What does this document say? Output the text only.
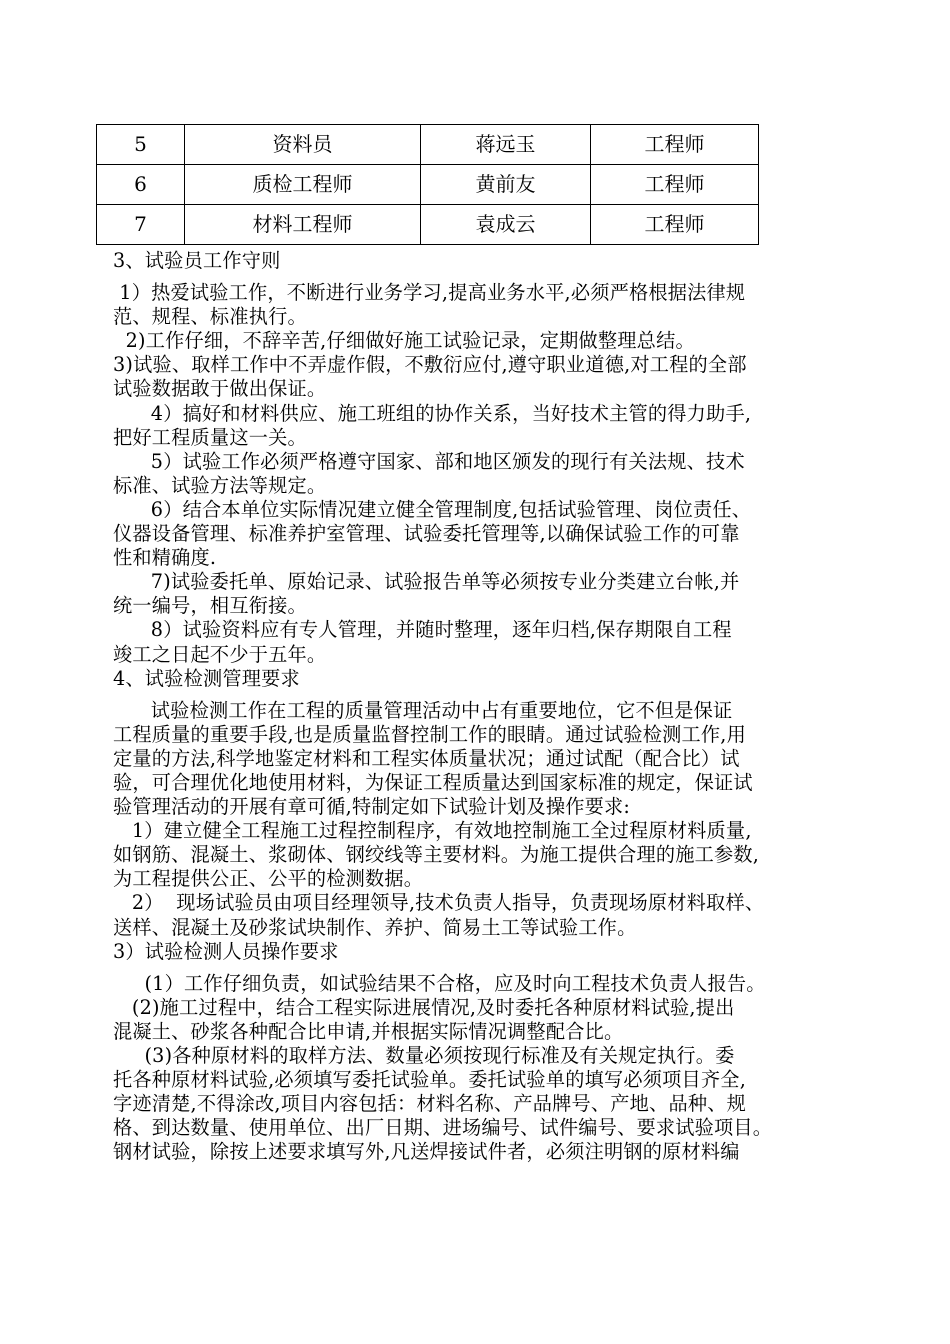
5	资料员	蒋远玉	工程师
6	质检工程师	黄前友	工程师
7	材料工程师	袁成云	工程师

3、试验员工作守则

1）热爱试验工作，不断进行业务学习,提高业务水平,必须严格根据法律规

范、规程、标准执行。

2)工作仔细，不辞辛苦,仔细做好施工试验记录，定期做整理总结。

3)试验、取样工作中不弄虚作假，不敷衍应付,遵守职业道德,对工程的全部

试验数据敢于做出保证。

4）搞好和材料供应、施工班组的协作关系，当好技术主管的得力助手,

把好工程质量这一关。

5）试验工作必须严格遵守国家、部和地区颁发的现行有关法规、技术

标准、试验方法等规定。

6）结合本单位实际情况建立健全管理制度,包括试验管理、岗位责任、

仪器设备管理、标准养护室管理、试验委托管理等,以确保试验工作的可靠

性和精确度.

7)试验委托单、原始记录、试验报告单等必须按专业分类建立台帐,并

统一编号，相互衔接。

8）试验资料应有专人管理，并随时整理，逐年归档,保存期限自工程

竣工之日起不少于五年。

4、试验检测管理要求

试验检测工作在工程的质量管理活动中占有重要地位，它不但是保证

工程质量的重要手段,也是质量监督控制工作的眼睛。通过试验检测工作,用

定量的方法,科学地鉴定材料和工程实体质量状况；通过试配（配合比）试

验，可合理优化地使用材料，为保证工程质量达到国家标准的规定，保证试

验管理活动的开展有章可循,特制定如下试验计划及操作要求:

1）建立健全工程施工过程控制程序，有效地控制施工全过程原材料质量,

如钢筋、混凝土、浆砌体、钢绞线等主要材料。为施工提供合理的施工参数,

为工程提供公正、公平的检测数据。

2）  现场试验员由项目经理领导,技术负责人指导，负责现场原材料取样、

送样、混凝土及砂浆试块制作、养护、简易土工等试验工作。

3）试验检测人员操作要求

(1）工作仔细负责，如试验结果不合格，应及时向工程技术负责人报告。

(2)施工过程中，结合工程实际进展情况,及时委托各种原材料试验,提出

混凝土、砂浆各种配合比申请,并根据实际情况调整配合比。

(3)各种原材料的取样方法、数量必须按现行标准及有关规定执行。委

托各种原材料试验,必须填写委托试验单。委托试验单的填写必须项目齐全,

字迹清楚,不得涂改,项目内容包括：材料名称、产品牌号、产地、品种、规

格、到达数量、使用单位、出厂日期、进场编号、试件编号、要求试验项目。

钢材试验，除按上述要求填写外,凡送焊接试件者，必须注明钢的原材料编
